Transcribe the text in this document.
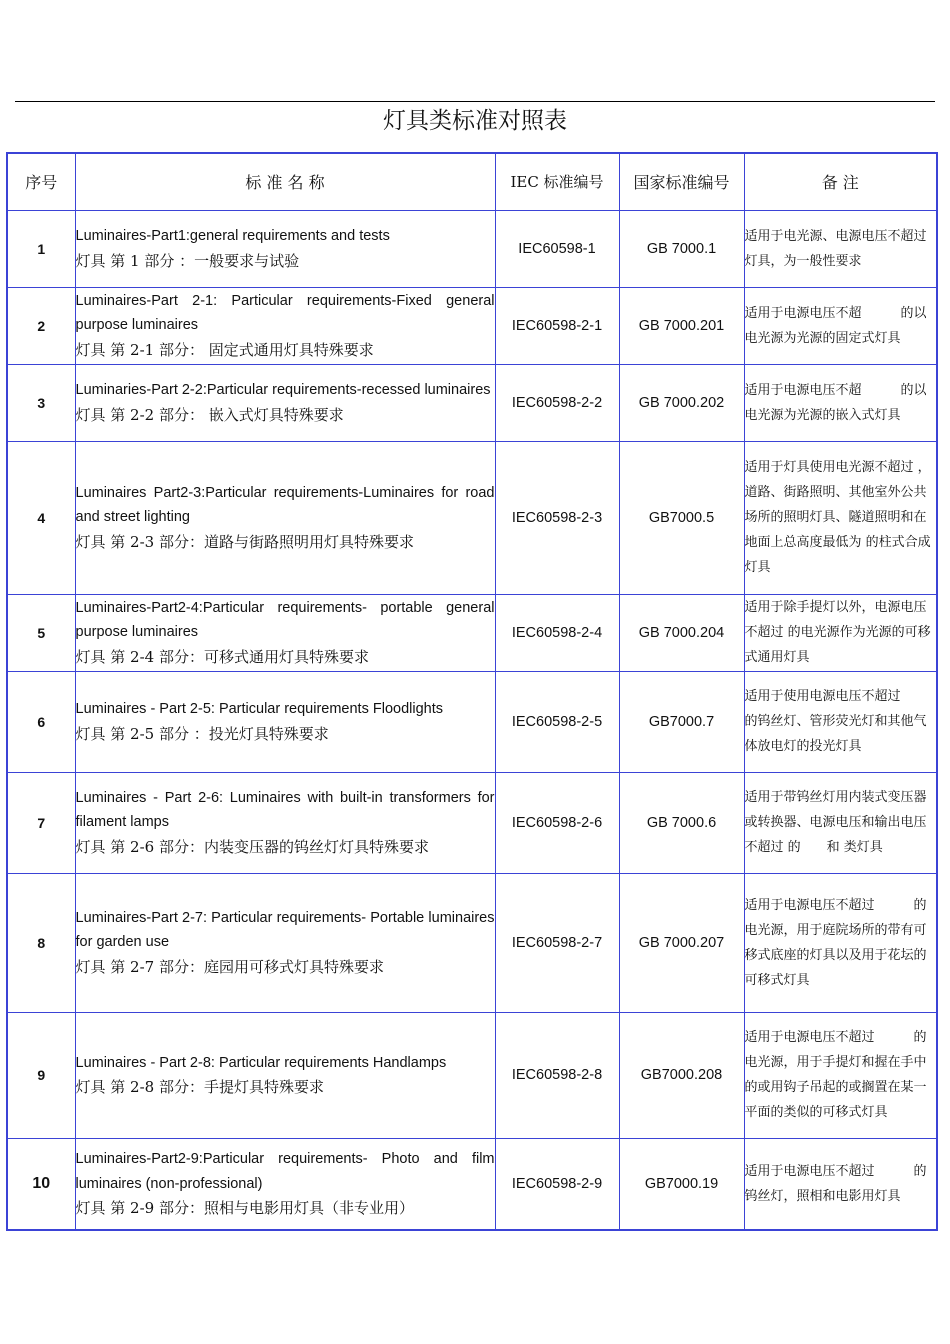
灯具类标准对照表
序号	标 准 名 称	IEC 标准编号	国家标准编号	备 注
1	Luminaires-Part1:general requirements and tests
灯具 第 1 部分 ：一般要求与试验	IEC60598-1	GB 7000.1	适用于电光源、电源电压不超过 灯具，为一般性要求
2	Luminaires-Part 2-1: Particular requirements-Fixed general purpose luminaires
灯具 第 2-1 部分： 固定式通用灯具特殊要求	IEC60598-2-1	GB 7000.201	适用于电源电压不超　　　的以电光源为光源的固定式灯具
3	Luminaries-Part 2-2:Particular requirements-recessed luminaires
灯具 第 2-2 部分： 嵌入式灯具特殊要求	IEC60598-2-2	GB 7000.202	适用于电源电压不超　　　的以电光源为光源的嵌入式灯具
4	Luminaires Part2-3:Particular requirements-Luminaires for road and street lighting
灯具 第 2-3 部分：道路与街路照明用灯具特殊要求	IEC60598-2-3	GB7000.5	适用于灯具使用电光源不超过 ，道路、街路照明、其他室外公共场所的照明灯具、隧道照明和在地面上总高度最低为 的柱式合成灯具
5	Luminaires-Part2-4:Particular requirements- portable general purpose luminaires
灯具 第 2-4 部分：可移式通用灯具特殊要求	IEC60598-2-4	GB 7000.204	适用于除手提灯以外，电源电压不超过 的电光源作为光源的可移式通用灯具
6	Luminaires - Part 2-5: Particular requirements Floodlights
灯具 第 2-5 部分 ：投光灯具特殊要求	IEC60598-2-5	GB7000.7	适用于使用电源电压不超过　　　的钨丝灯、管形荧光灯和其他气体放电灯的投光灯具
7	Luminaires - Part 2-6: Luminaires with built-in transformers for filament lamps
灯具 第 2-6 部分：内装变压器的钨丝灯灯具特殊要求	IEC60598-2-6	GB 7000.6	适用于带钨丝灯用内装式变压器或转换器、电源电压和输出电压不超过 的　　和 类灯具
8	Luminaires-Part 2-7: Particular requirements- Portable luminaires for garden use
灯具 第 2-7 部分：庭园用可移式灯具特殊要求	IEC60598-2-7	GB 7000.207	适用于电源电压不超过　　　的电光源，用于庭院场所的带有可移式底座的灯具以及用于花坛的可移式灯具
9	Luminaires - Part 2-8: Particular requirements Handlamps
灯具 第 2-8 部分：手提灯具特殊要求	IEC60598-2-8	GB7000.208	适用于电源电压不超过　　　的电光源，用于手提灯和握在手中的或用钩子吊起的或搁置在某一平面的类似的可移式灯具
10	Luminaires-Part2-9:Particular requirements- Photo and film luminaires (non-professional)
灯具 第 2-9 部分：照相与电影用灯具（非专业用）	IEC60598-2-9	GB7000.19	适用于电源电压不超过　　　的钨丝灯，照相和电影用灯具
